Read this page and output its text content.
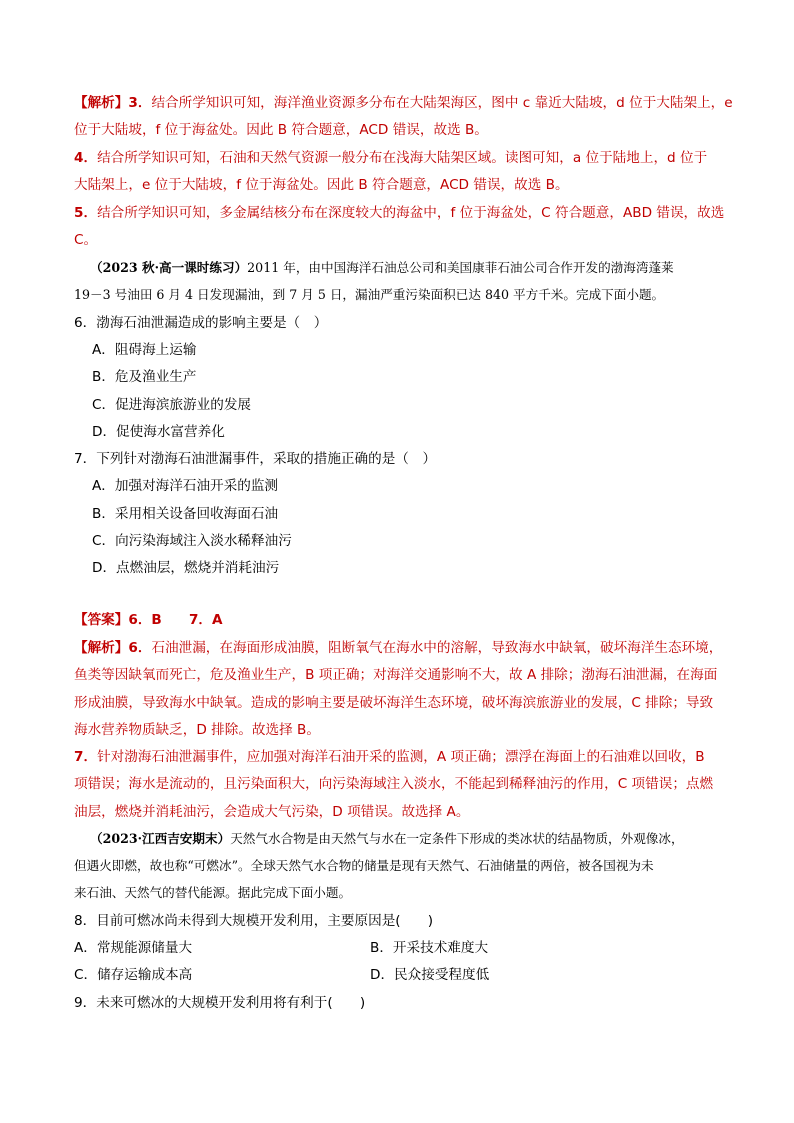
【解析】3．结合所学知识可知，海洋渔业资源多分布在大陆架海区，图中 c 靠近大陆坡，d 位于大陆架上，e
位于大陆坡，f 位于海盆处。因此 B 符合题意，ACD 错误，故选 B。
4．结合所学知识可知，石油和天然气资源一般分布在浅海大陆架区域。读图可知，a 位于陆地上，d 位于
大陆架上，e 位于大陆坡，f 位于海盆处。因此 B 符合题意，ACD 错误，故选 B。
5．结合所学知识可知，多金属结核分布在深度较大的海盆中，f 位于海盆处，C 符合题意，ABD 错误，故选
C。
（2023 秋·高一课时练习）2011 年，由中国海洋石油总公司和美国康菲石油公司合作开发的渤海湾蓬莱
19－3 号油田 6 月 4 日发现漏油，到 7 月 5 日，漏油严重污染面积已达 840 平方千米。完成下面小题。
6．渤海石油泄漏造成的影响主要是（　）
A．阻碍海上运输
B．危及渔业生产
C．促进海滨旅游业的发展
D．促使海水富营养化
7．下列针对渤海石油泄漏事件，采取的措施正确的是（　）
A．加强对海洋石油开采的监测
B．采用相关设备回收海面石油
C．向污染海域注入淡水稀释油污
D．点燃油层，燃烧并消耗油污
【答案】6．B　　7．A
【解析】6．石油泄漏，在海面形成油膜，阻断氧气在海水中的溶解，导致海水中缺氧，破坏海洋生态环境，
鱼类等因缺氧而死亡，危及渔业生产，B 项正确；对海洋交通影响不大，故 A 排除；渤海石油泄漏，在海面
形成油膜，导致海水中缺氧。造成的影响主要是破坏海洋生态环境，破坏海滨旅游业的发展，C 排除；导致
海水营养物质缺乏，D 排除。故选择 B。
7．针对渤海石油泄漏事件，应加强对海洋石油开采的监测，A 项正确；漂浮在海面上的石油难以回收，B
项错误；海水是流动的，且污染面积大，向污染海域注入淡水，不能起到稀释油污的作用，C 项错误；点燃
油层，燃烧并消耗油污，会造成大气污染，D 项错误。故选择 A。
（2023·江西吉安期末）天然气水合物是由天然气与水在一定条件下形成的类冰状的结晶物质，外观像冰，
但遇火即燃，故也称“可燃冰”。全球天然气水合物的储量是现有天然气、石油储量的两倍，被各国视为未
来石油、天然气的替代能源。据此完成下面小题。
8．目前可燃冰尚未得到大规模开发利用，主要原因是(　　)
A．常规能源储量大	B．开采技术难度大
C．储存运输成本高	D．民众接受程度低
9．未来可燃冰的大规模开发利用将有利于(　　)
